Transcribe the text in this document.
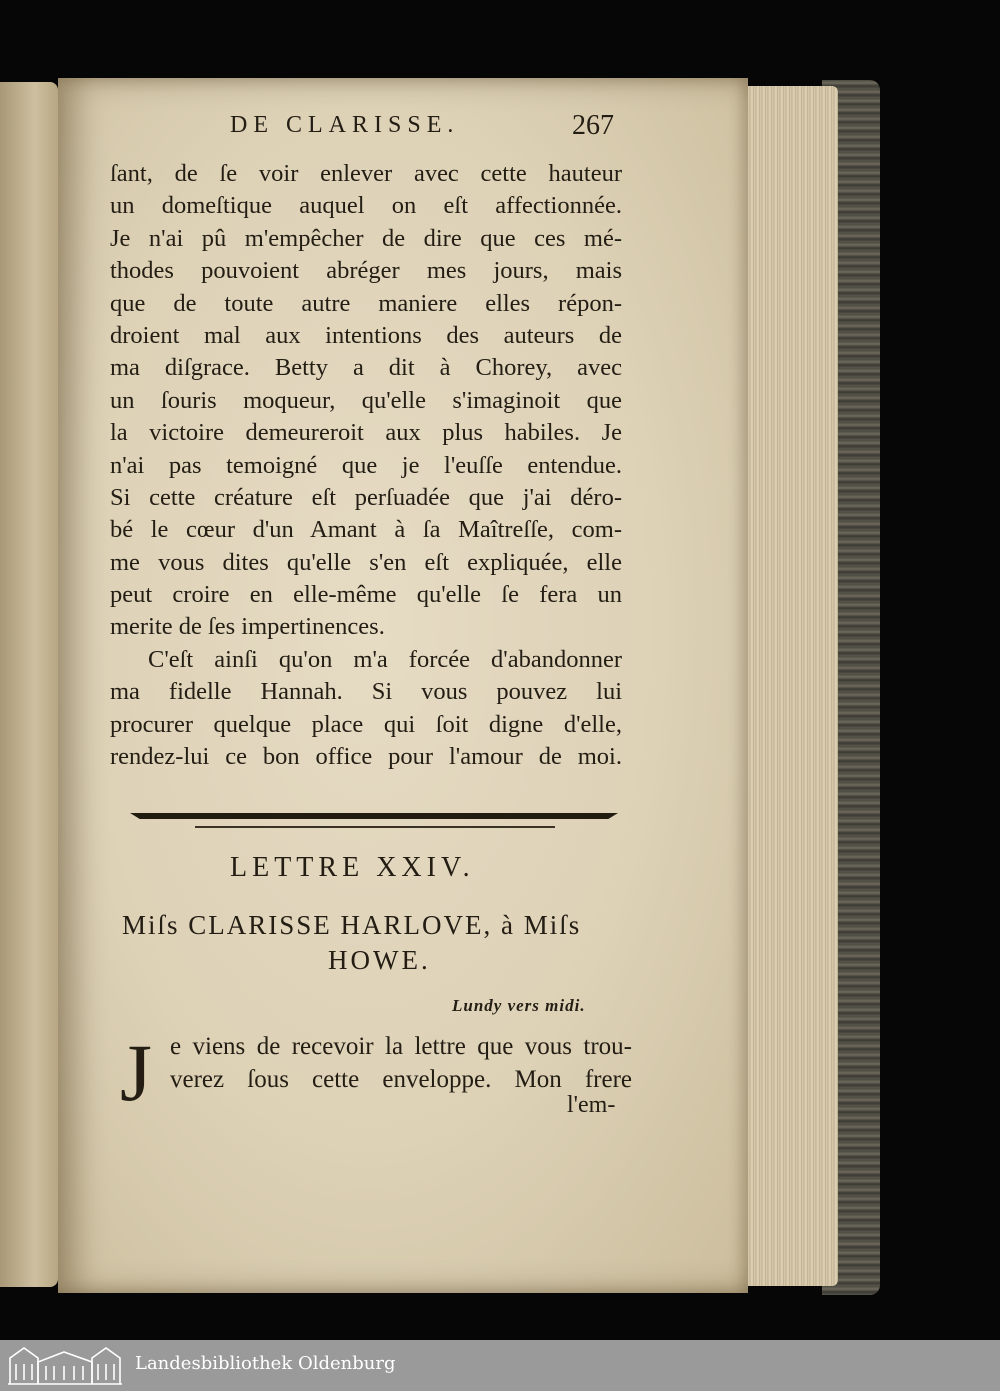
DE CLARISSE.	267
ſant, de ſe voir enlever avec cette hauteur
un domeſtique auquel on eſt affectionnée.
Je n'ai pû m'empêcher de dire que ces mé-
thodes pouvoient abréger mes jours, mais
que de toute autre maniere elles répon-
droient mal aux intentions des auteurs de
ma diſgrace. Betty a dit à Chorey, avec
un ſouris moqueur, qu'elle s'imaginoit que
la victoire demeureroit aux plus habiles. Je
n'ai pas temoigné que je l'euſſe entendue.
Si cette créature eſt perſuadée que j'ai déro-
bé le cœur d'un Amant à ſa Maîtreſſe, com-
me vous dites qu'elle s'en eſt expliquée, elle
peut croire en elle-même qu'elle ſe fera un
merite de ſes impertinences.
C'eſt ainſi qu'on m'a forcée d'abandonner
ma fidelle Hannah. Si vous pouvez lui
procurer quelque place qui ſoit digne d'elle,
rendez-lui ce bon office pour l'amour de moi.
LETTRE XXIV.
Miſs CLARISSE HARLOVE, à Miſs
HOWE.
Lundy vers midi.
J e viens de recevoir la lettre que vous trou-
verez ſous cette enveloppe. Mon frere
l'em-
Landesbibliothek Oldenburg
